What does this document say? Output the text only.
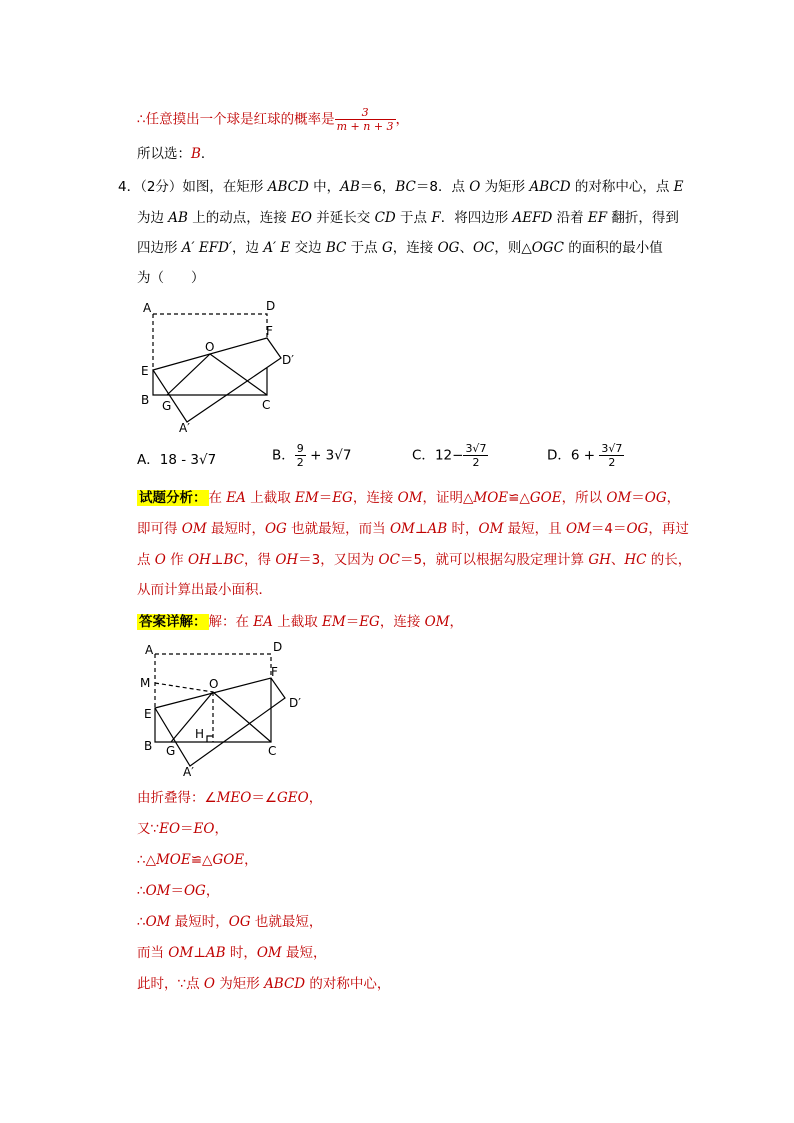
∴任意摸出一个球是红球的概率是 $\frac{3}{m + n + 3}$ ，
所以选：B．
4．（2分）如图，在矩形 ABCD 中，AB＝6，BC＝8．点 O 为矩形 ABCD 的对称中心，点 E
为边 AB 上的动点，连接 EO 并延长交 CD 于点 F．将四边形 AEFD 沿着 EF 翻折，得到
四边形 A′ EFD′，边 A′ E 交边 BC 于点 G，连接 OG、OC，则△OGC 的面积的最小值
为（　　）
A	D
F
O
D′
E
B G	C
A′
A．18 - 3√7	B． $\frac{9}{2} + 3√7$	C．$12- \frac{3√7}{2}$	D．$6 + \frac{3√7}{2}$
试题分析： 在 EA 上截取 EM＝EG，连接 OM，证明△MOE≌△GOE，所以 OM＝OG，
即可得 OM 最短时，OG 也就最短，而当 OM⊥AB 时，OM 最短，且 OM＝4＝OG，再过
点 O 作 OH⊥BC，得 OH＝3，又因为 OC＝5，就可以根据勾股定理计算 GH、HC 的长，
从而计算出最小面积．
答案详解： 解：在 EA 上截取 EM＝EG，连接 OM，
A	D
M	O
F
E
D′
H
B G	C
A′
由折叠得：∠MEO＝∠GEO，
又∵EO＝EO，
∴△MOE≌△GOE，
∴OM＝OG，
∴OM 最短时，OG 也就最短，
而当 OM⊥AB 时，OM 最短，
此时，∵点 O 为矩形 ABCD 的对称中心，
